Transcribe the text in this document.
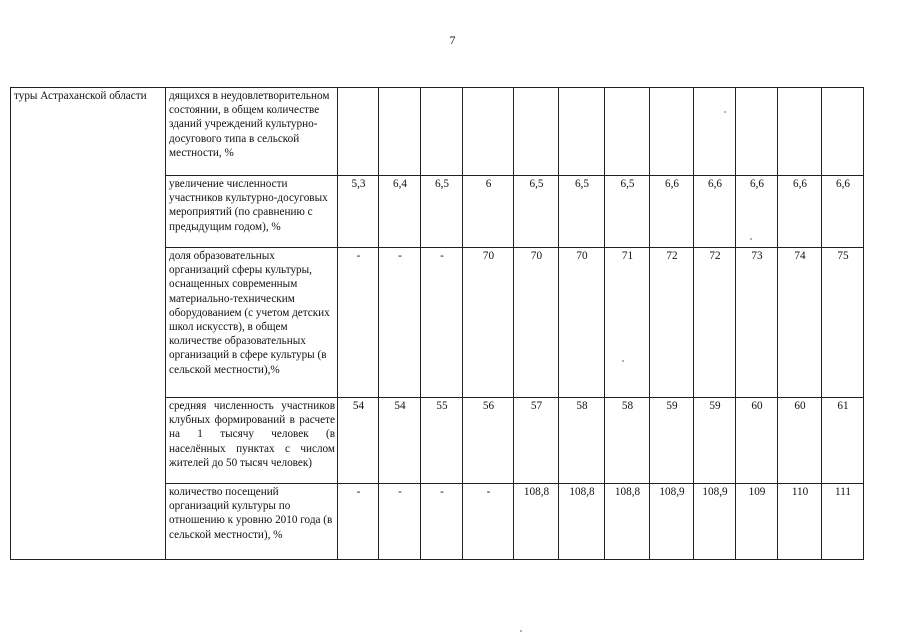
7
туры Астраханской области	дящихся в неудовлетворительном состоянии, в общем количестве зданий учреждений культурно-досугового типа в сельской местности, %												
	увеличение численности участников культурно-досуговых мероприятий (по сравнению с предыдущим годом), %	5,3	6,4	6,5	6	6,5	6,5	6,5	6,6	6,6	6,6	6,6	6,6
	доля образовательных организаций сферы культуры, оснащенных современным материально-техническим оборудованием (с учетом детских школ искусств), в общем количестве образовательных организаций в сфере культуры (в сельской местности),%	-	-	-	70	70	70	71	72	72	73	74	75
	средняя численность участников клубных формирований в расчете на 1 тысячу человек (в населённых пунктах с числом жителей до 50 тысяч человек)	54	54	55	56	57	58	58	59	59	60	60	61
	количество посещений организаций культуры по отношению к уровню 2010 года (в сельской местности), %	-	-	-	-	108,8	108,8	108,8	108,9	108,9	109	110	111
